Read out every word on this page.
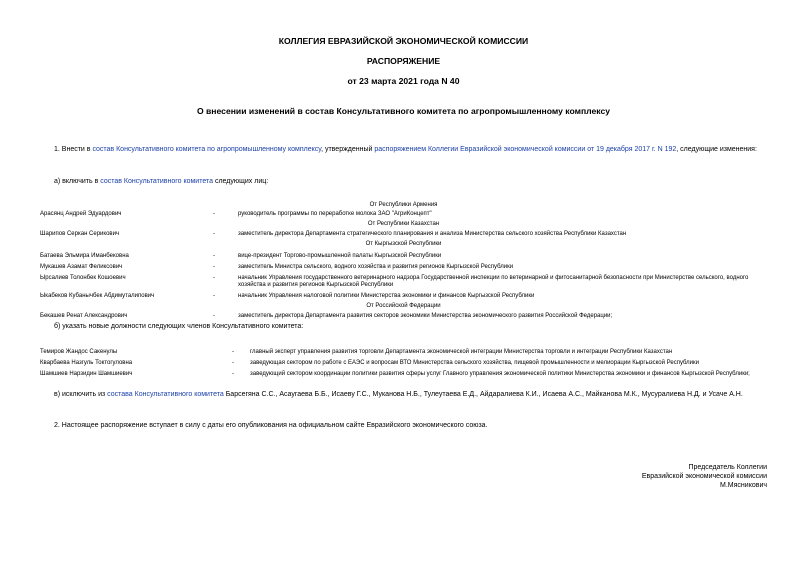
КОЛЛЕГИЯ ЕВРАЗИЙСКОЙ ЭКОНОМИЧЕСКОЙ КОМИССИИ
РАСПОРЯЖЕНИЕ
от 23 марта 2021 года N 40
О внесении изменений в состав Консультативного комитета по агропромышленному комплексу
1. Внести в состав Консультативного комитета по агропромышленному комплексу, утвержденный распоряжением Коллегии Евразийской экономической комиссии от 19 декабря 2017 г. N 192, следующие изменения:
а) включить в состав Консультативного комитета следующих лиц:
От Республики Армения
Арасянц Андрей Эдуардович	-	руководитель программы по переработке молока ЗАО "АгриКонцепт"
От Республики Казахстан
Шарипов Серкан Серикович	-	заместитель директора Департамента стратегического планирования и анализа Министерства сельского хозяйства Республики Казахстан
От Кыргызской Республики
Батаева Эльмира Иманбековна	-	вице-президент Торгово-промышленной палаты Кыргызской Республики
Мукашев Азамат Феликсович	-	заместитель Министра сельского, водного хозяйства и развития регионов Кыргызской Республики
Ырсалиев Толонбек Кошоевич	-	начальник Управления государственного ветеринарного надзора Государственной инспекции по ветеринарной и фитосанитарной безопасности при Министерстве сельского, водного хозяйства и развития регионов Кыргызской Республики
Ыкабеков Кубанычбек Абдимуталипович	-	начальник Управления налоговой политики Министерства экономики и финансов Кыргызской Республики
От Российской Федерации
Бекашев Ренат Александрович	-	заместитель директора Департамента развития секторов экономики Министерства экономического развития Российской Федерации;
б) указать новые должности следующих членов Консультативного комитета:
Темиров Жандос Сакенулы	-	главный эксперт управления развития торговли Департамента экономической интеграции Министерства торговли и интеграции Республики Казахстан
Кварбаева Назгуль Токтогуловна	-	заведующая сектором по работе с ЕАЭС и вопросам ВТО Министерства сельского хозяйства, пищевой промышленности и мелиорации Кыргызской Республики
Шамшиев Нарзидин Шамшиевич	-	заведующий сектором координации политики развития сферы услуг Главного управления экономической политики Министерства экономики и финансов Кыргызской Республики;
в) исключить из состава Консультативного комитета Барсегяна С.С., Асаугаева Б.Б., Исаеву Г.С., Муканова Н.Б., Тулеутаева Е.Д., Айдаралиева К.И., Исаева А.С., Майканова М.К., Мусуралиева Н.Д. и Усаче А.Н.
2. Настоящее распоряжение вступает в силу с даты его опубликования на официальном сайте Евразийского экономического союза.
Председатель Коллегии
Евразийской экономической комиссии
М.Мясникович
